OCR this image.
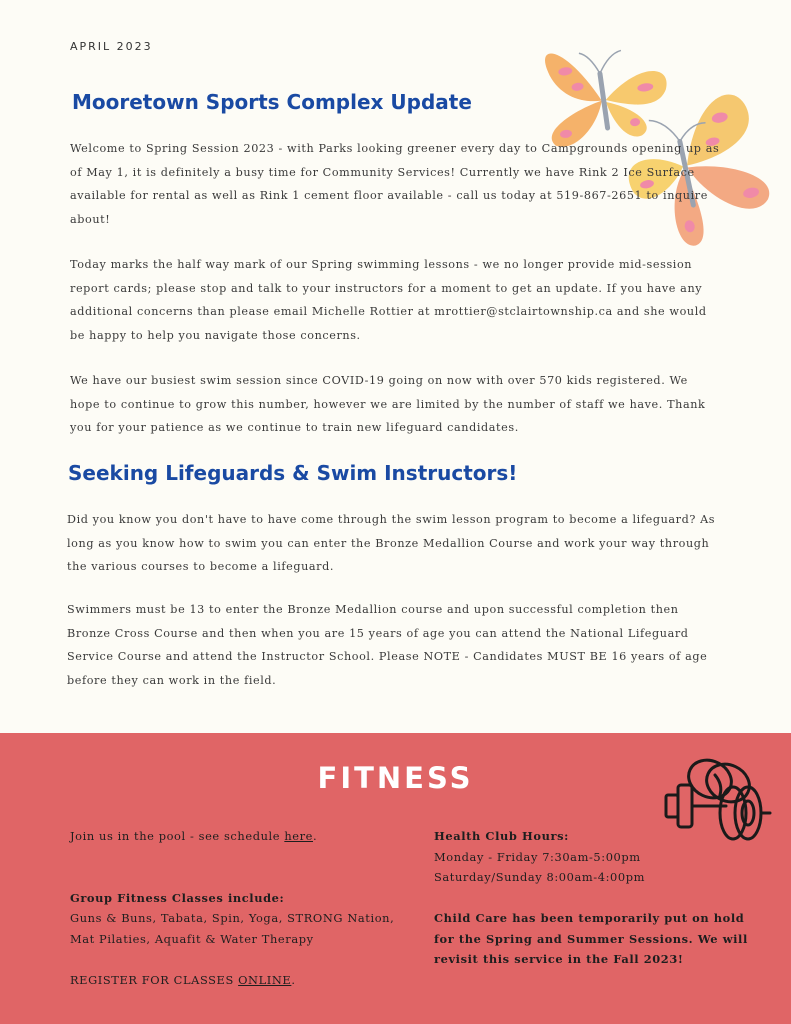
APRIL 2023
Mooretown Sports Complex Update

Welcome to Spring Session 2023 - with Parks looking greener every day to Campgrounds opening up as of May 1, it is definitely a busy time for Community Services! Currently we have Rink 2 Ice Surface available for rental as well as Rink 1 cement floor available - call us today at 519-867-2651 to inquire about!

Today marks the half way mark of our Spring swimming lessons - we no longer provide mid-session report cards; please stop and talk to your instructors for a moment to get an update. If you have any additional concerns than please email Michelle Rottier at mrottier@stclairtownship.ca and she would be happy to help you navigate those concerns.

We have our busiest swim session since COVID-19 going on now with over 570 kids registered. We hope to continue to grow this number, however we are limited by the number of staff we have. Thank you for your patience as we continue to train new lifeguard candidates.

Seeking Lifeguards & Swim Instructors!

Did you know you don't have to have come through the swim lesson program to become a lifeguard? As long as you know how to swim you can enter the Bronze Medallion Course and work your way through the various courses to become a lifeguard.

Swimmers must be 13 to enter the Bronze Medallion course and upon successful completion then Bronze Cross Course and then when you are 15 years of age you can attend the National Lifeguard Service Course and attend the Instructor School. Please NOTE - Candidates MUST BE 16 years of age before they can work in the field.

FITNESS

Join us in the pool - see schedule here.

Group Fitness Classes include:

Guns & Buns, Tabata, Spin, Yoga, STRONG Nation, Mat Pilaties, Aquafit & Water Therapy

REGISTER FOR CLASSES ONLINE.

Health Club Hours:

Monday - Friday 7:30am-5:00pm

Saturday/Sunday 8:00am-4:00pm

Child Care has been temporarily put on hold for the Spring and Summer Sessions. We will revisit this service in the Fall 2023!
